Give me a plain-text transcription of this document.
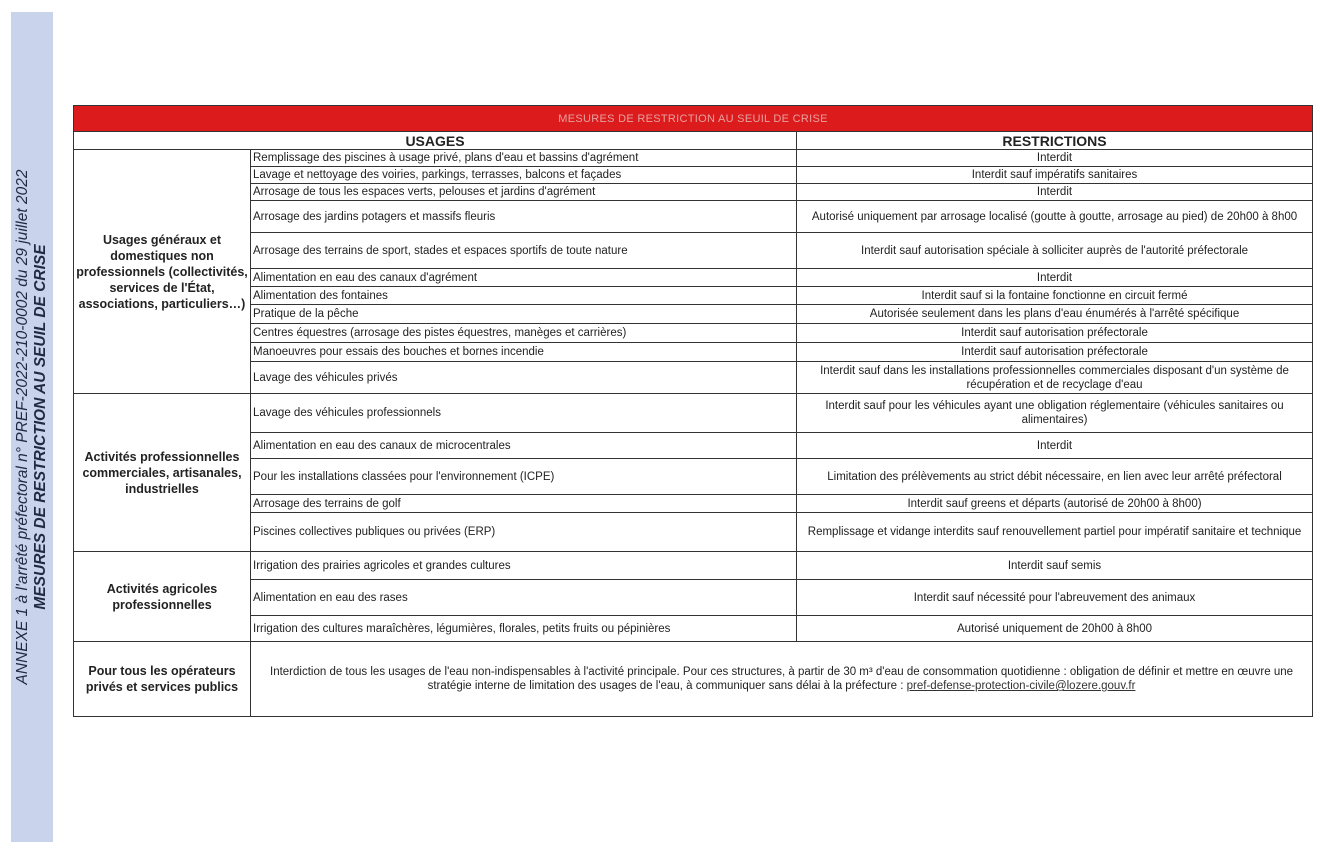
ANNEXE 1 à l'arrêté préfectoral n° PREF-2022-210-0002 du 29 juillet 2022 MESURES DE RESTRICTION AU SEUIL DE CRISE
MESURES DE RESTRICTION AU SEUIL DE CRISE		
USAGES		RESTRICTIONS
Usages généraux et domestiques non professionnels (collectivités, services de l'État, associations, particuliers…)	Remplissage des piscines à usage privé, plans d'eau et bassins d'agrément	Interdit
	Lavage et nettoyage des voiries, parkings, terrasses, balcons et façades	Interdit sauf impératifs sanitaires
	Arrosage de tous les espaces verts, pelouses et jardins d'agrément	Interdit
	Arrosage des jardins potagers et massifs fleuris	Autorisé uniquement par arrosage localisé (goutte à goutte, arrosage au pied) de 20h00 à 8h00
	Arrosage des terrains de sport, stades et espaces sportifs de toute nature	Interdit sauf autorisation spéciale à solliciter auprès de l'autorité préfectorale
	Alimentation en eau des canaux d'agrément	Interdit
	Alimentation des fontaines	Interdit sauf si la fontaine fonctionne en circuit fermé
	Pratique de la pêche	Autorisée seulement dans les plans d'eau énumérés à l'arrêté spécifique
	Centres équestres (arrosage des pistes équestres, manèges et carrières)	Interdit sauf autorisation préfectorale
	Manoeuvres pour essais des bouches et bornes incendie	Interdit sauf autorisation préfectorale
	Lavage des véhicules privés	Interdit sauf dans les installations professionnelles commerciales disposant d'un système de récupération et de recyclage d'eau
Activités professionnelles commerciales, artisanales, industrielles	Lavage des véhicules professionnels	Interdit sauf pour les véhicules ayant une obligation réglementaire (véhicules sanitaires ou alimentaires)
	Alimentation en eau des canaux de microcentrales	Interdit
	Pour les installations classées pour l'environnement (ICPE)	Limitation des prélèvements au strict débit nécessaire, en lien avec leur arrêté préfectoral
	Arrosage des terrains de golf	Interdit sauf greens et départs (autorisé de 20h00 à 8h00)
	Piscines collectives publiques ou privées (ERP)	Remplissage et vidange interdits sauf renouvellement partiel pour impératif sanitaire et technique
Activités agricoles professionnelles	Irrigation des prairies agricoles et grandes cultures	Interdit sauf semis
	Alimentation en eau des rases	Interdit sauf nécessité pour l'abreuvement des animaux
	Irrigation des cultures maraîchères, légumières, florales, petits fruits ou pépinières	Autorisé uniquement de 20h00 à 8h00
Pour tous les opérateurs privés et services publics	Interdiction de tous les usages de l'eau non-indispensables à l'activité principale. Pour ces structures, à partir de 30 m³ d'eau de consommation quotidienne : obligation de définir et mettre en œuvre une stratégie interne de limitation des usages de l'eau, à communiquer sans délai à la préfecture : pref-defense-protection-civile@lozere.gouv.fr	
